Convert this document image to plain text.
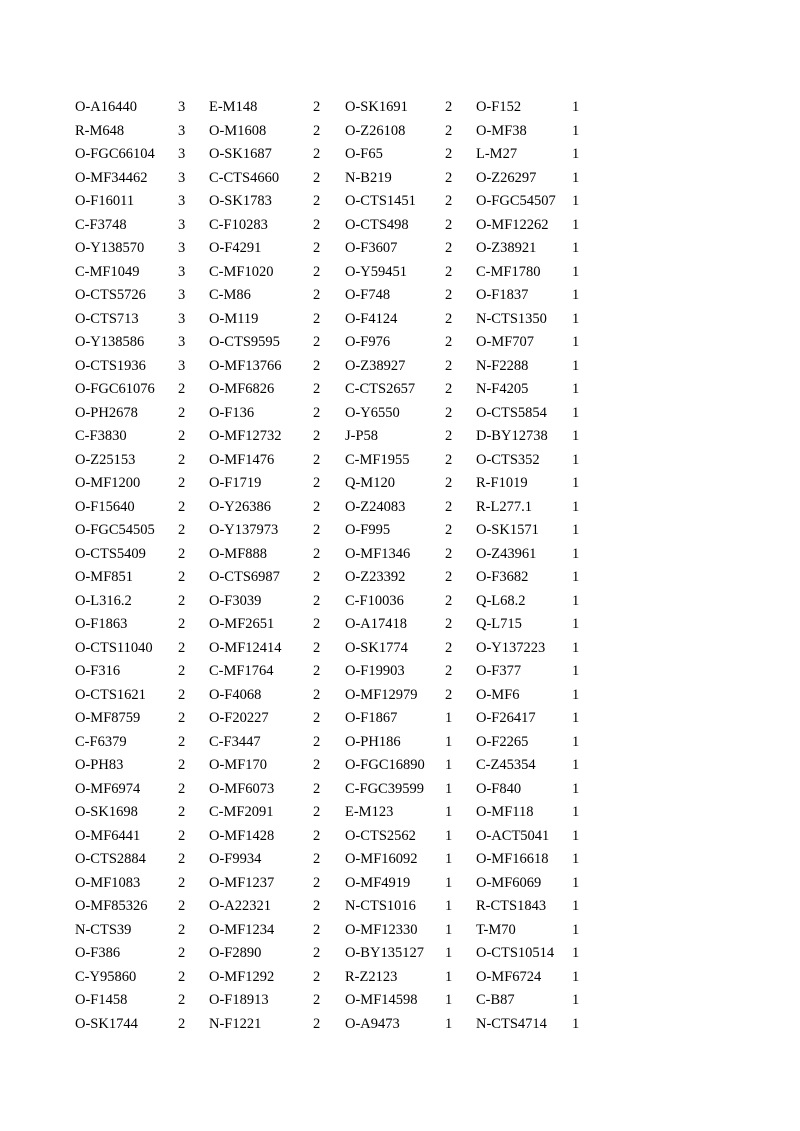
O-A16440	3 E-M148	2 O-SK1691	2 O-F152	1
R-M648	3 O-M1608	2 O-Z26108	2 O-MF38	1
O-FGC66104 3 O-SK1687	2 O-F65	2 L-M27	1
O-MF34462 3 C-CTS4660 2 N-B219	2 O-Z26297 1
O-F16011	3 O-SK1783	2 O-CTS1451 2 O-FGC54507 1
C-F3748	3 C-F10283	2 O-CTS498	2 O-MF12262 1
O-Y138570 3 O-F4291	2 O-F3607	2 O-Z38921 1
C-MF1049	3 C-MF1020	2 O-Y59451	2 C-MF1780 1
O-CTS5726 3 C-M86	2 O-F748	2 O-F1837	1
O-CTS713	3 O-M119	2 O-F4124	2 N-CTS1350 1
O-Y138586 3 O-CTS9595 2 O-F976	2 O-MF707	1
O-CTS1936 3 O-MF13766 2 O-Z38927	2 N-F2288	1
O-FGC61076 2 O-MF6826	2 C-CTS2657 2 N-F4205	1
O-PH2678	2 O-F136	2 O-Y6550	2 O-CTS5854 1
C-F3830	2 O-MF12732 2 J-P58	2 D-BY12738 1
O-Z25153	2 O-MF1476	2 C-MF1955 2 O-CTS352 1
O-MF1200	2 O-F1719	2 Q-M120	2 R-F1019	1
O-F15640	2 O-Y26386	2 O-Z24083	2 R-L277.1	1
O-FGC54505 2 O-Y137973 2 O-F995	2 O-SK1571 1
O-CTS5409 2 O-MF888	2 O-MF1346 2 O-Z43961 1
O-MF851	2 O-CTS6987 2 O-Z23392	2 O-F3682	1
O-L316.2	2 O-F3039	2 C-F10036	2 Q-L68.2	1
O-F1863	2 O-MF2651	2 O-A17418	2 Q-L715	1
O-CTS11040 2 O-MF12414 2 O-SK1774	2 O-Y137223 1
O-F316	2 C-MF1764	2 O-F19903	2 O-F377	1
O-CTS1621 2 O-F4068	2 O-MF12979 2 O-MF6	1
O-MF8759	2 O-F20227	2 O-F1867	1 O-F26417	1
C-F6379	2 C-F3447	2 O-PH186	1 O-F2265	1
O-PH83	2 O-MF170	2 O-FGC16890 1 C-Z45354	1
O-MF6974	2 O-MF6073	2 C-FGC39599 1 O-F840	1
O-SK1698	2 C-MF2091	2 E-M123	1 O-MF118	1
O-MF6441	2 O-MF1428	2 O-CTS2562 1 O-ACT5041 1
O-CTS2884 2 O-F9934	2 O-MF16092 1 O-MF16618 1
O-MF1083	2 O-MF1237	2 O-MF4919 1 O-MF6069 1
O-MF85326 2 O-A22321	2 N-CTS1016 1 R-CTS1843 1
N-CTS39	2 O-MF1234	2 O-MF12330 1 T-M70	1
O-F386	2 O-F2890	2 O-BY135127 1 O-CTS10514 1
C-Y95860	2 O-MF1292	2 R-Z2123	1 O-MF6724 1
O-F1458	2 O-F18913	2 O-MF14598 1 C-B87	1
O-SK1744	2 N-F1221	2 O-A9473	1 N-CTS4714 1
